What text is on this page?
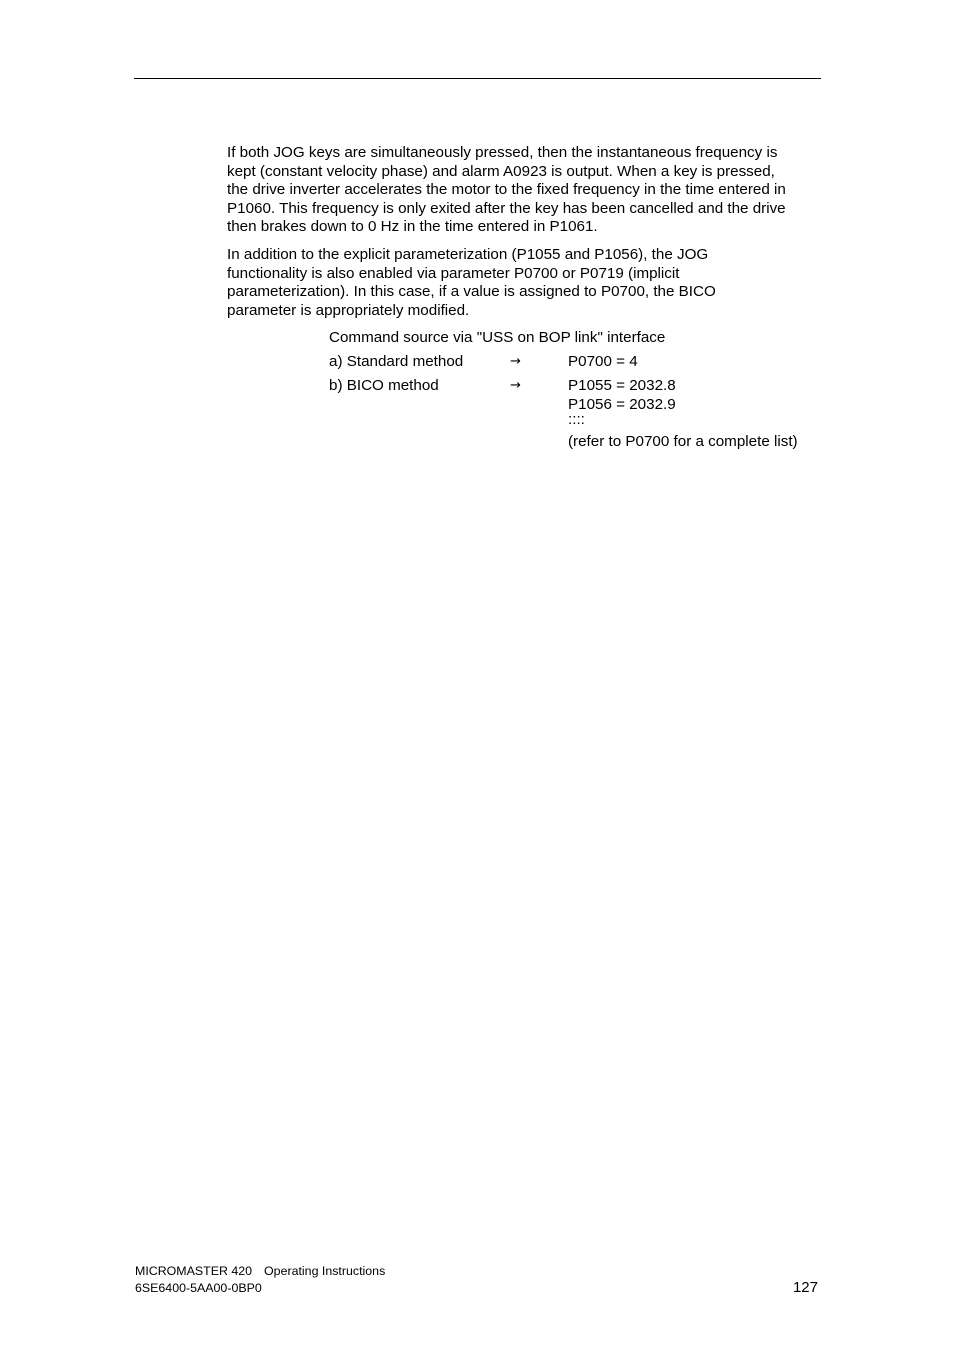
If both JOG keys are simultaneously pressed, then the instantaneous frequency is
kept (constant velocity phase) and alarm A0923 is output. When a key is pressed,
the drive inverter accelerates the motor to the fixed frequency in the time entered in
P1060. This frequency is only exited after the key has been cancelled and the drive
then brakes down to 0 Hz in the time entered in P1061.
In addition to the explicit parameterization (P1055 and P1056), the JOG
functionality is also enabled via parameter P0700 or P0719 (implicit
parameterization). In this case, if a value is assigned to P0700, the BICO
parameter is appropriately modified.
Command source via "USS on BOP link" interface
a) Standard method	→	P0700 = 4
b) BICO method	→	P1055 = 2032.8
P1056 = 2032.9
::::
(refer to P0700 for a complete list)
MICROMASTER 420 Operating Instructions
6SE6400-5AA00-0BP0	127
